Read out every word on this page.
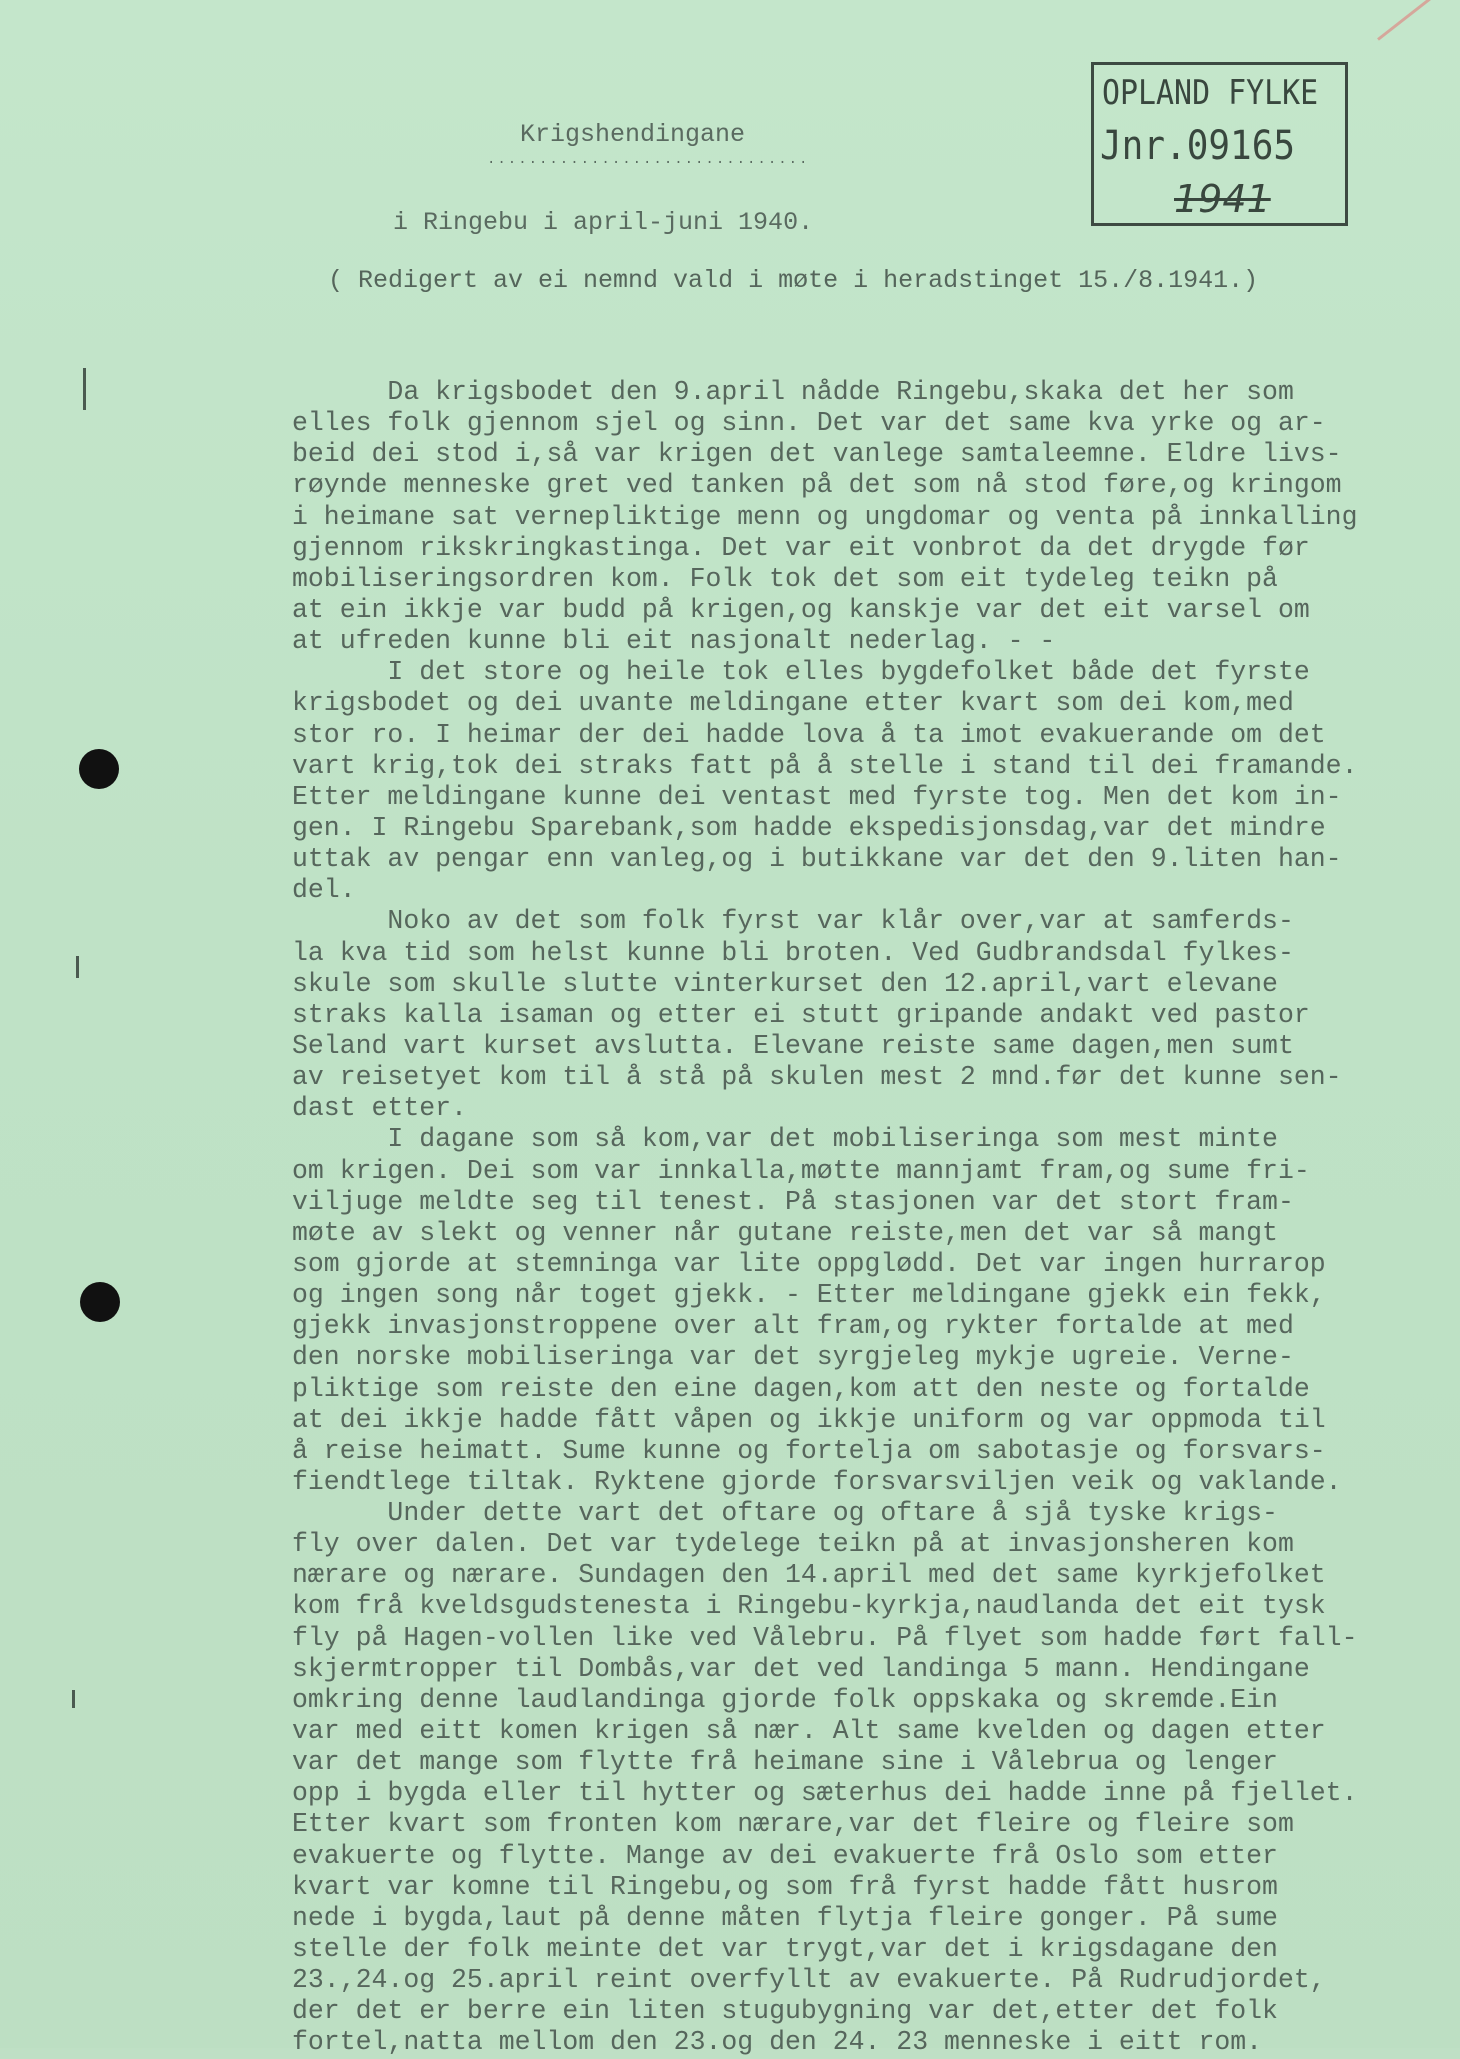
OPLAND FYLKE
Jnr.09165
1941
Krigshendingane
...............................
i Ringebu i april-juni 1940.
( Redigert av ei nemnd vald i møte i heradstinget 15./8.1941.)
Da krigsbodet den 9.april nådde Ringebu,skaka det her som
elles folk gjennom sjel og sinn. Det var det same kva yrke og ar-
beid dei stod i,så var krigen det vanlege samtaleemne. Eldre livs-
røynde menneske gret ved tanken på det som nå stod føre,og kringom
i heimane sat vernepliktige menn og ungdomar og venta på innkalling
gjennom rikskringkastinga. Det var eit vonbrot da det drygde før
mobiliseringsordren kom. Folk tok det som eit tydeleg teikn på
at ein ikkje var budd på krigen,og kanskje var det eit varsel om
at ufreden kunne bli eit nasjonalt nederlag. - -
I det store og heile tok elles bygdefolket både det fyrste
krigsbodet og dei uvante meldingane etter kvart som dei kom,med
stor ro. I heimar der dei hadde lova å ta imot evakuerande om det
vart krig,tok dei straks fatt på å stelle i stand til dei framande.
Etter meldingane kunne dei ventast med fyrste tog. Men det kom in-
gen. I Ringebu Sparebank,som hadde ekspedisjonsdag,var det mindre
uttak av pengar enn vanleg,og i butikkane var det den 9.liten han-
del.
Noko av det som folk fyrst var klår over,var at samferds-
la kva tid som helst kunne bli broten. Ved Gudbrandsdal fylkes-
skule som skulle slutte vinterkurset den 12.april,vart elevane
straks kalla isaman og etter ei stutt gripande andakt ved pastor
Seland vart kurset avslutta. Elevane reiste same dagen,men sumt
av reisetyet kom til å stå på skulen mest 2 mnd.før det kunne sen-
dast etter.
I dagane som så kom,var det mobiliseringa som mest minte
om krigen. Dei som var innkalla,møtte mannjamt fram,og sume fri-
viljuge meldte seg til tenest. På stasjonen var det stort fram-
møte av slekt og venner når gutane reiste,men det var så mangt
som gjorde at stemninga var lite oppglødd. Det var ingen hurrarop
og ingen song når toget gjekk. - Etter meldingane gjekk ein fekk,
gjekk invasjonstroppene over alt fram,og rykter fortalde at med
den norske mobiliseringa var det syrgjeleg mykje ugreie. Verne-
pliktige som reiste den eine dagen,kom att den neste og fortalde
at dei ikkje hadde fått våpen og ikkje uniform og var oppmoda til
å reise heimatt. Sume kunne og fortelja om sabotasje og forsvars-
fiendtlege tiltak. Ryktene gjorde forsvarsviljen veik og vaklande.
Under dette vart det oftare og oftare å sjå tyske krigs-
fly over dalen. Det var tydelege teikn på at invasjonsheren kom
nærare og nærare. Sundagen den 14.april med det same kyrkjefolket
kom frå kveldsgudstenesta i Ringebu-kyrkja,naudlanda det eit tysk
fly på Hagen-vollen like ved Vålebru. På flyet som hadde ført fall-
skjermtropper til Dombås,var det ved landinga 5 mann. Hendingane
omkring denne laudlandinga gjorde folk oppskaka og skremde.Ein
var med eitt komen krigen så nær. Alt same kvelden og dagen etter
var det mange som flytte frå heimane sine i Vålebrua og lenger
opp i bygda eller til hytter og sæterhus dei hadde inne på fjellet.
Etter kvart som fronten kom nærare,var det fleire og fleire som
evakuerte og flytte. Mange av dei evakuerte frå Oslo som etter
kvart var komne til Ringebu,og som frå fyrst hadde fått husrom
nede i bygda,laut på denne måten flytja fleire gonger. På sume
stelle der folk meinte det var trygt,var det i krigsdagane den
23.,24.og 25.april reint overfyllt av evakuerte. På Rudrudjordet,
der det er berre ein liten stugubygning var det,etter det folk
fortel,natta mellom den 23.og den 24. 23 menneske i eitt rom.
